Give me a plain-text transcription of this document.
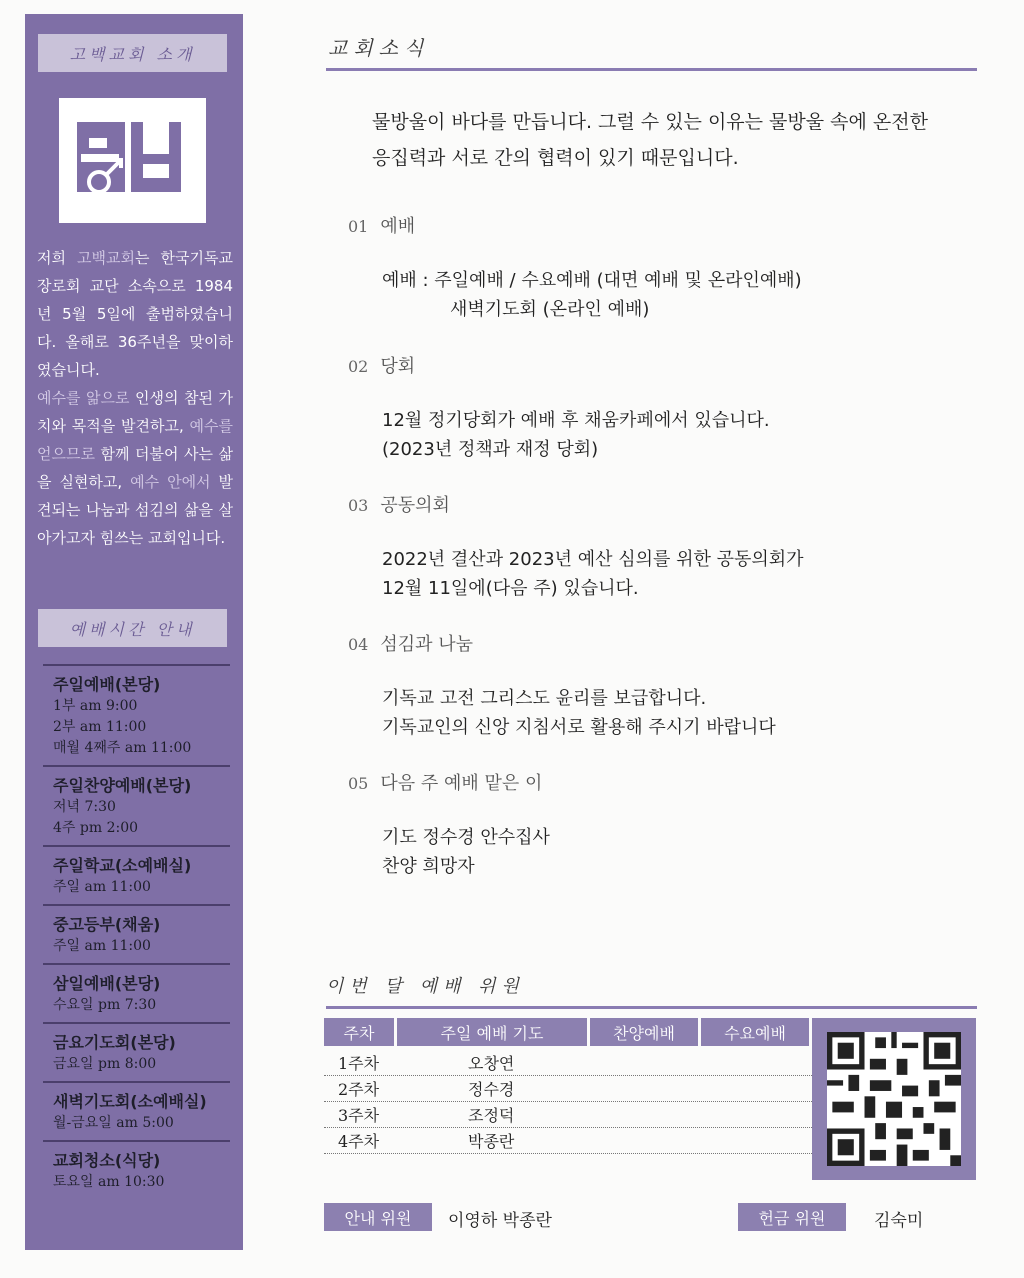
고백교회 소개
저희 고백교회는 한국기독교 장로회 교단 소속으로 1984년 5월 5일에 출범하였습니다. 올해로 36주년을 맞이하였습니다.
예수를 앎으로 인생의 참된 가치와 목적을 발견하고, 예수를 얻으므로 함께 더불어 사는 삶을 실현하고, 예수 안에서 발견되는 나눔과 섬김의 삶을 살아가고자 힘쓰는 교회입니다.
예배시간 안내
주일예배(본당)
1부 am 9:00
2부 am 11:00
매월 4째주 am 11:00
주일찬양예배(본당)
저녁 7:30
4주 pm 2:00
주일학교(소예배실)
주일 am 11:00
중고등부(채움)
주일 am 11:00
삼일예배(본당)
수요일 pm 7:30
금요기도회(본당)
금요일 pm 8:00
새벽기도회(소예배실)
월-금요일 am 5:00
교회청소(식당)
토요일 am 10:30
교회소식
물방울이 바다를 만듭니다. 그럴 수 있는 이유는 물방울 속에 온전한 응집력과 서로 간의 협력이 있기 때문입니다.
01 예배
예배 : 주일예배 / 수요예배 (대면 예배 및 온라인예배)
새벽기도회 (온라인 예배)
02 당회
12월 정기당회가 예배 후 채움카페에서 있습니다.
(2023년 정책과 재정 당회)
03 공동의회
2022년 결산과 2023년 예산 심의를 위한 공동의회가
12월 11일에(다음 주) 있습니다.
04 섬김과 나눔
기독교 고전 그리스도 윤리를 보급합니다.
기독교인의 신앙 지침서로 활용해 주시기 바랍니다
05 다음 주 예배 맡은 이
기도 정수경 안수집사
찬양 희망자
이번 달 예배 위원
주차	주일 예배 기도	찬양예배	수요예배
1주차	오창연
2주차	정수경
3주차	조정덕
4주차	박종란
안내 위원	이영하 박종란	헌금 위원	김숙미
